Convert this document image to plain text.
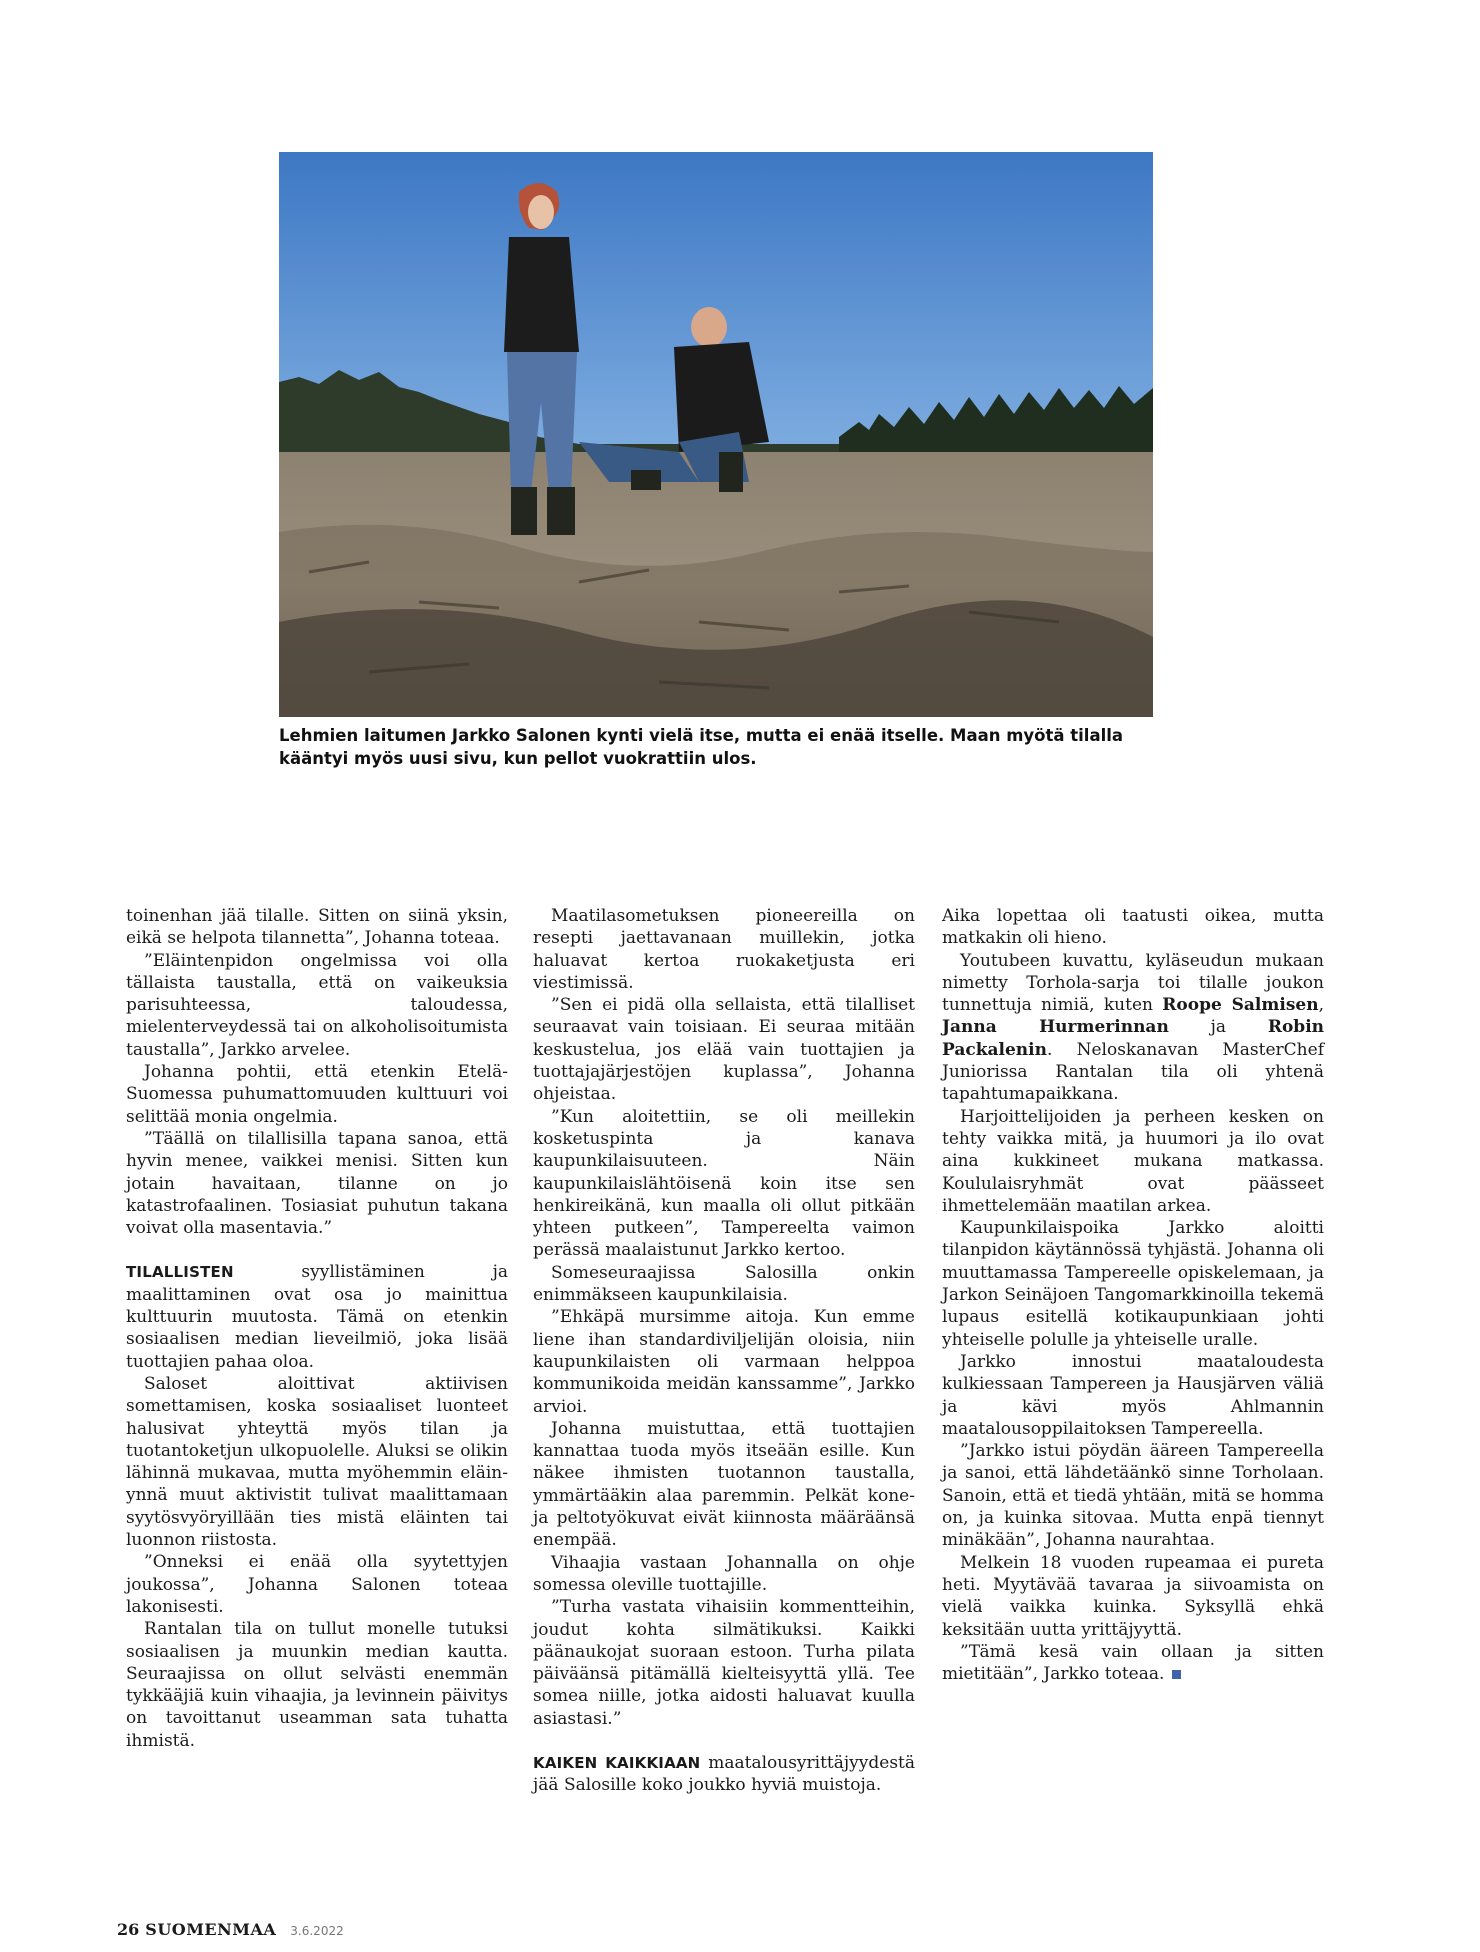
Lehmien laitumen Jarkko Salonen kynti vielä itse, mutta ei enää itselle. Maan myötä tilalla kääntyi myös uusi sivu, kun pellot vuokrattiin ulos.

toinenhan jää tilalle. Sitten on siinä yksin, eikä se helpota tilannetta”, Johanna toteaa.

”Eläintenpidon ongelmissa voi olla tällaista taustalla, että on vaikeuksia parisuhteessa, taloudessa, mielenterveydessä tai on alkoholisoitumista taustalla”, Jarkko arvelee.

Johanna pohtii, että etenkin Etelä-Suomessa puhumattomuuden kulttuuri voi selittää monia ongelmia.

”Täällä on tilallisilla tapana sanoa, että hyvin menee, vaikkei menisi. Sitten kun jotain havaitaan, tilanne on jo katastrofaalinen. Tosiasiat puhutun takana voivat olla masentavia.”

TILALLISTEN syyllistäminen ja maalittaminen ovat osa jo mainittua kulttuurin muutosta. Tämä on etenkin sosiaalisen median lieveilmiö, joka lisää tuottajien pahaa oloa.

Saloset aloittivat aktiivisen somettamisen, koska sosiaaliset luonteet halusivat yhteyttä myös tilan ja tuotantoketjun ulkopuolelle. Aluksi se olikin lähinnä mukavaa, mutta myöhemmin eläin- ynnä muut aktivistit tulivat maalittamaan syytösvyöryillään ties mistä eläinten tai luonnon riistosta.

”Onneksi ei enää olla syytettyjen joukossa”, Johanna Salonen toteaa lakonisesti.

Rantalan tila on tullut monelle tutuksi sosiaalisen ja muunkin median kautta. Seuraajissa on ollut selvästi enemmän tykkääjiä kuin vihaajia, ja levinnein päivitys on tavoittanut useamman sata tuhatta ihmistä.

Maatilasometuksen pioneereilla on resepti jaettavanaan muillekin, jotka haluavat kertoa ruokaketjusta eri viestimissä.

”Sen ei pidä olla sellaista, että tilalliset seuraavat vain toisiaan. Ei seuraa mitään keskustelua, jos elää vain tuottajien ja tuottajajärjestöjen kuplassa”, Johanna ohjeistaa.

”Kun aloitettiin, se oli meillekin kosketuspinta ja kanava kaupunkilaisuuteen. Näin kaupunkilaislähtöisenä koin itse sen henkireikänä, kun maalla oli ollut pitkään yhteen putkeen”, Tampereelta vaimon perässä maalaistunut Jarkko kertoo.

Someseuraajissa Salosilla onkin enimmäkseen kaupunkilaisia.

”Ehkäpä mursimme aitoja. Kun emme liene ihan standardiviljelijän oloisia, niin kaupunkilaisten oli varmaan helppoa kommunikoida meidän kanssamme”, Jarkko arvioi.

Johanna muistuttaa, että tuottajien kannattaa tuoda myös itseään esille. Kun näkee ihmisten tuotannon taustalla, ymmärtääkin alaa paremmin. Pelkät kone- ja peltotyökuvat eivät kiinnosta määräänsä enempää.

Vihaajia vastaan Johannalla on ohje somessa oleville tuottajille.

”Turha vastata vihaisiin kommentteihin, joudut kohta silmätikuksi. Kaikki päänaukojat suoraan estoon. Turha pilata päiväänsä pitämällä kielteisyyttä yllä. Tee somea niille, jotka aidosti haluavat kuulla asiastasi.”

KAIKEN KAIKKIAAN maatalousyrittäjyydestä jää Salosille koko joukko hyviä muistoja.

Aika lopettaa oli taatusti oikea, mutta matkakin oli hieno.

Youtubeen kuvattu, kyläseudun mukaan nimetty Torhola-sarja toi tilalle joukon tunnettuja nimiä, kuten Roope Salmisen, Janna Hurmerinnan ja Robin Packalenin. Neloskanavan MasterChef Juniorissa Rantalan tila oli yhtenä tapahtumapaikkana.

Harjoittelijoiden ja perheen kesken on tehty vaikka mitä, ja huumori ja ilo ovat aina kukkineet mukana matkassa. Koululaisryhmät ovat päässeet ihmettelemään maatilan arkea.

Kaupunkilaispoika Jarkko aloitti tilanpidon käytännössä tyhjästä. Johanna oli muuttamassa Tampereelle opiskelemaan, ja Jarkon Seinäjoen Tangomarkkinoilla tekemä lupaus esitellä kotikaupunkiaan johti yhteiselle polulle ja yhteiselle uralle.

Jarkko innostui maataloudesta kulkiessaan Tampereen ja Hausjärven väliä ja kävi myös Ahlmannin maatalousoppilaitoksen Tampereella.

”Jarkko istui pöydän ääreen Tampereella ja sanoi, että lähdetäänkö sinne Torholaan. Sanoin, että et tiedä yhtään, mitä se homma on, ja kuinka sitovaa. Mutta enpä tiennyt minäkään”, Johanna naurahtaa.

Melkein 18 vuoden rupeamaa ei pureta heti. Myytävää tavaraa ja siivoamista on vielä vaikka kuinka. Syksyllä ehkä keksitään uutta yrittäjyyttä.

”Tämä kesä vain ollaan ja sitten mietitään”, Jarkko toteaa.

26 SUOMENMAA 3.6.2022
